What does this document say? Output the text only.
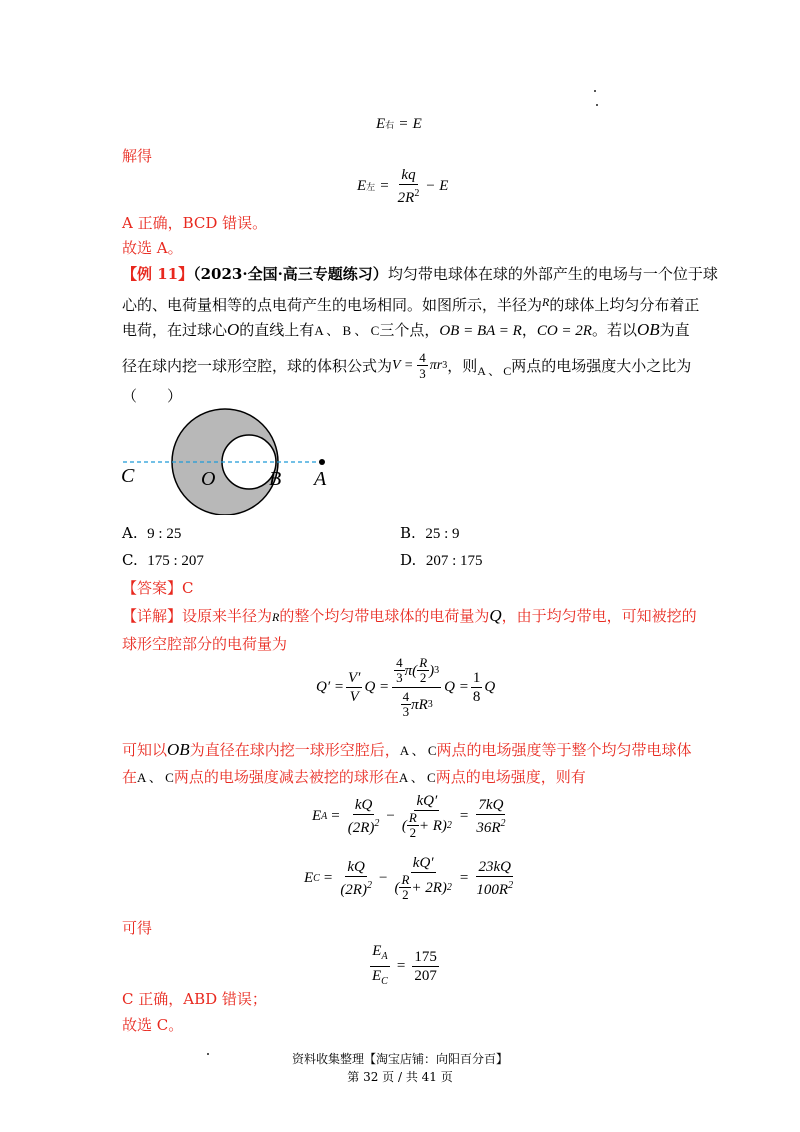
E 右 = E
解得
E 左 = $\frac{kq}{2R^2} - E$
A 正确，BCD 错误。
故选 A。
【例 11】（2023·全国·高三专题练习）均匀带电球体在球的外部产生的电场与一个位于球
心的、电荷量相等的点电荷产生的电场相同。如图所示，半径为$^R$的球体上均匀分布着正
电荷，在过球心O的直线上有A 、 B 、 C三个点，OB = BA = R，CO = 2R。若以OB为直
径在球内挖一球形空腔，球的体积公式为 $V = \frac{4}{3}$ πr 3 ，则 A 、 C 两点的电场强度大小之比为
（　　）
C	O	B A
A. 9 : 25	B. 25 : 9
C. 175 : 207	D. 207 : 175
【答案】C
【详解】设原来半径为R的整个均匀带电球体的电荷量为Q，由于均匀带电，可知被挖的
球形空腔部分的电荷量为
$Q' = \frac{V'}{V}$ Q =
$\frac{4}{3} \pi( \frac{R}{2}$ ) 3
$\frac{4}{3}$ πR 3
$Q = \frac{1}{8}$ Q
可知以OB为直径在球内挖一球形空腔后，A 、 C两点的电场强度等于整个均匀带电球体
在A 、 C两点的电场强度减去被挖的球形在A 、 C两点的电场强度，则有
E $A = \frac{kQ}{(2R)^2} - \frac{kQ'}{( \frac{R}{2} + R) 2} = \frac{7kQ}{36R^2}$
E $C = \frac{kQ}{(2R)^2} - \frac{kQ'}{( \frac{R}{2} + 2R) 2} = \frac{23kQ}{100R^2}$
可得
$\frac{E_A}{E_C} = \frac{175}{207}$
C 正确，ABD 错误；
故选 C。
资料收集整理【淘宝店铺：向阳百分百】
第 32 页 / 共 41 页
